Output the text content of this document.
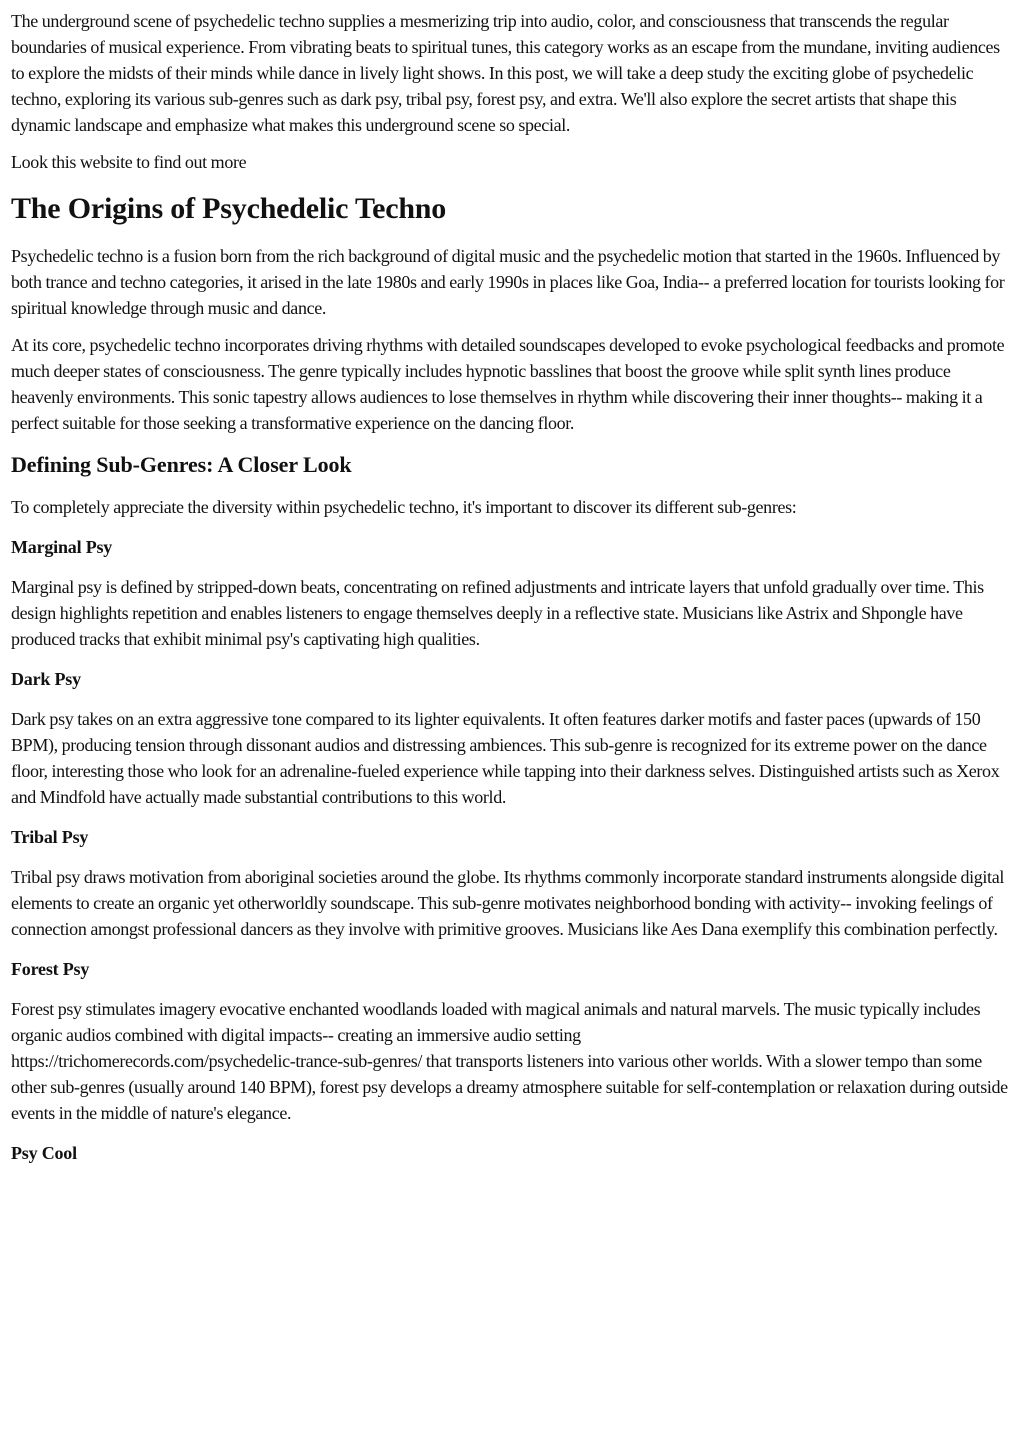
The underground scene of psychedelic techno supplies a mesmerizing trip into audio, color, and consciousness that transcends the regular boundaries of musical experience. From vibrating beats to spiritual tunes, this category works as an escape from the mundane, inviting audiences to explore the midsts of their minds while dance in lively light shows. In this post, we will take a deep study the exciting globe of psychedelic techno, exploring its various sub-genres such as dark psy, tribal psy, forest psy, and extra. We'll also explore the secret artists that shape this dynamic landscape and emphasize what makes this underground scene so special.

Look this website to find out more

The Origins of Psychedelic Techno

Psychedelic techno is a fusion born from the rich background of digital music and the psychedelic motion that started in the 1960s. Influenced by both trance and techno categories, it arised in the late 1980s and early 1990s in places like Goa, India-- a preferred location for tourists looking for spiritual knowledge through music and dance.

At its core, psychedelic techno incorporates driving rhythms with detailed soundscapes developed to evoke psychological feedbacks and promote much deeper states of consciousness. The genre typically includes hypnotic basslines that boost the groove while split synth lines produce heavenly environments. This sonic tapestry allows audiences to lose themselves in rhythm while discovering their inner thoughts-- making it a perfect suitable for those seeking a transformative experience on the dancing floor.

Defining Sub-Genres: A Closer Look

To completely appreciate the diversity within psychedelic techno, it's important to discover its different sub-genres:

Marginal Psy

Marginal psy is defined by stripped-down beats, concentrating on refined adjustments and intricate layers that unfold gradually over time. This design highlights repetition and enables listeners to engage themselves deeply in a reflective state. Musicians like Astrix and Shpongle have produced tracks that exhibit minimal psy's captivating high qualities.

Dark Psy

Dark psy takes on an extra aggressive tone compared to its lighter equivalents. It often features darker motifs and faster paces (upwards of 150 BPM), producing tension through dissonant audios and distressing ambiences. This sub-genre is recognized for its extreme power on the dance floor, interesting those who look for an adrenaline-fueled experience while tapping into their darkness selves. Distinguished artists such as Xerox and Mindfold have actually made substantial contributions to this world.

Tribal Psy

Tribal psy draws motivation from aboriginal societies around the globe. Its rhythms commonly incorporate standard instruments alongside digital elements to create an organic yet otherworldly soundscape. This sub-genre motivates neighborhood bonding with activity-- invoking feelings of connection amongst professional dancers as they involve with primitive grooves. Musicians like Aes Dana exemplify this combination perfectly.

Forest Psy

Forest psy stimulates imagery evocative enchanted woodlands loaded with magical animals and natural marvels. The music typically includes organic audios combined with digital impacts-- creating an immersive audio setting
https://trichomerecords.com/psychedelic-trance-sub-genres/ that transports listeners into various other worlds. With a slower tempo than some other sub-genres (usually around 140 BPM), forest psy develops a dreamy atmosphere suitable for self-contemplation or relaxation during outside events in the middle of nature's elegance.

Psy Cool
